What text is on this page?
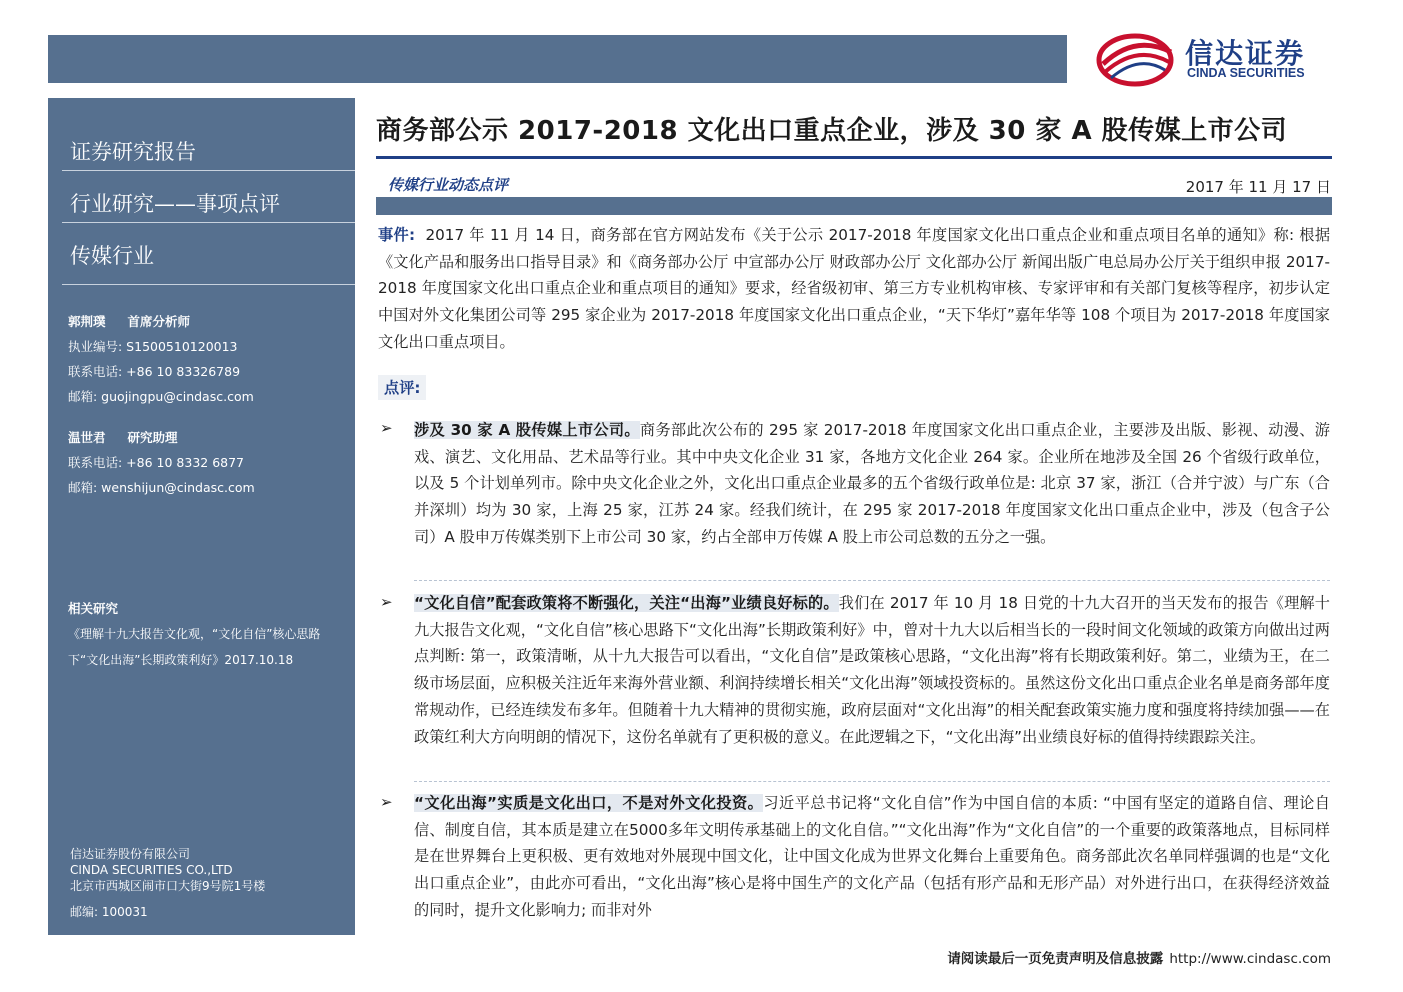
信达证券
CINDA SECURITIES
证券研究报告
行业研究——事项点评
传媒行业
郭荆璞 首席分析师
执业编号: S1500510120013
联系电话: +86 10 83326789
邮箱: guojingpu@cindasc.com
温世君 研究助理
联系电话: +86 10 8332 6877
邮箱: wenshijun@cindasc.com
相关研究
《理解十九大报告文化观，“文化自信”核心思路下“文化出海”长期政策利好》2017.10.18
信达证券股份有限公司
CINDA SECURITIES CO.,LTD
北京市西城区闹市口大街9号院1号楼
邮编: 100031
商务部公示 2017-2018 文化出口重点企业，涉及 30 家 A 股传媒上市公司
传媒行业动态点评	2017 年 11 月 17 日
事件: 2017 年 11 月 14 日，商务部在官方网站发布《关于公示 2017-2018 年度国家文化出口重点企业和重点项目名单的通知》称: 根据《文化产品和服务出口指导目录》和《商务部办公厅 中宣部办公厅 财政部办公厅 文化部办公厅 新闻出版广电总局办公厅关于组织申报 2017-2018 年度国家文化出口重点企业和重点项目的通知》要求，经省级初审、第三方专业机构审核、专家评审和有关部门复核等程序，初步认定中国对外文化集团公司等 295 家企业为 2017-2018 年度国家文化出口重点企业，“天下华灯”嘉年华等 108 个项目为 2017-2018 年度国家文化出口重点项目。
点评:
➢ 涉及 30 家 A 股传媒上市公司。商务部此次公布的 295 家 2017-2018 年度国家文化出口重点企业，主要涉及出版、影视、动漫、游戏、演艺、文化用品、艺术品等行业。其中中央文化企业 31 家，各地方文化企业 264 家。企业所在地涉及全国 26 个省级行政单位，以及 5 个计划单列市。除中央文化企业之外，文化出口重点企业最多的五个省级行政单位是: 北京 37 家，浙江（合并宁波）与广东（合并深圳）均为 30 家，上海 25 家，江苏 24 家。经我们统计，在 295 家 2017-2018 年度国家文化出口重点企业中，涉及（包含子公司）A 股申万传媒类别下上市公司 30 家，约占全部申万传媒 A 股上市公司总数的五分之一强。
➢ “文化自信”配套政策将不断强化，关注“出海”业绩良好标的。我们在 2017 年 10 月 18 日党的十九大召开的当天发布的报告《理解十九大报告文化观，“文化自信”核心思路下“文化出海”长期政策利好》中，曾对十九大以后相当长的一段时间文化领域的政策方向做出过两点判断: 第一，政策清晰，从十九大报告可以看出，“文化自信”是政策核心思路，“文化出海”将有长期政策利好。第二，业绩为王，在二级市场层面，应积极关注近年来海外营业额、利润持续增长相关“文化出海”领域投资标的。虽然这份文化出口重点企业名单是商务部年度常规动作，已经连续发布多年。但随着十九大精神的贯彻实施，政府层面对“文化出海”的相关配套政策实施力度和强度将持续加强——在政策红利大方向明朗的情况下，这份名单就有了更积极的意义。在此逻辑之下，“文化出海”出业绩良好标的值得持续跟踪关注。
➢ “文化出海”实质是文化出口，不是对外文化投资。习近平总书记将“文化自信”作为中国自信的本质: “中国有坚定的道路自信、理论自信、制度自信，其本质是建立在5000多年文明传承基础上的文化自信。”“文化出海”作为“文化自信”的一个重要的政策落地点，目标同样是在世界舞台上更积极、更有效地对外展现中国文化，让中国文化成为世界文化舞台上重要角色。商务部此次名单同样强调的也是“文化出口重点企业”，由此亦可看出，“文化出海”核心是将中国生产的文化产品（包括有形产品和无形产品）对外进行出口，在获得经济效益的同时，提升文化影响力; 而非对外
请阅读最后一页免责声明及信息披露 http://www.cindasc.com
